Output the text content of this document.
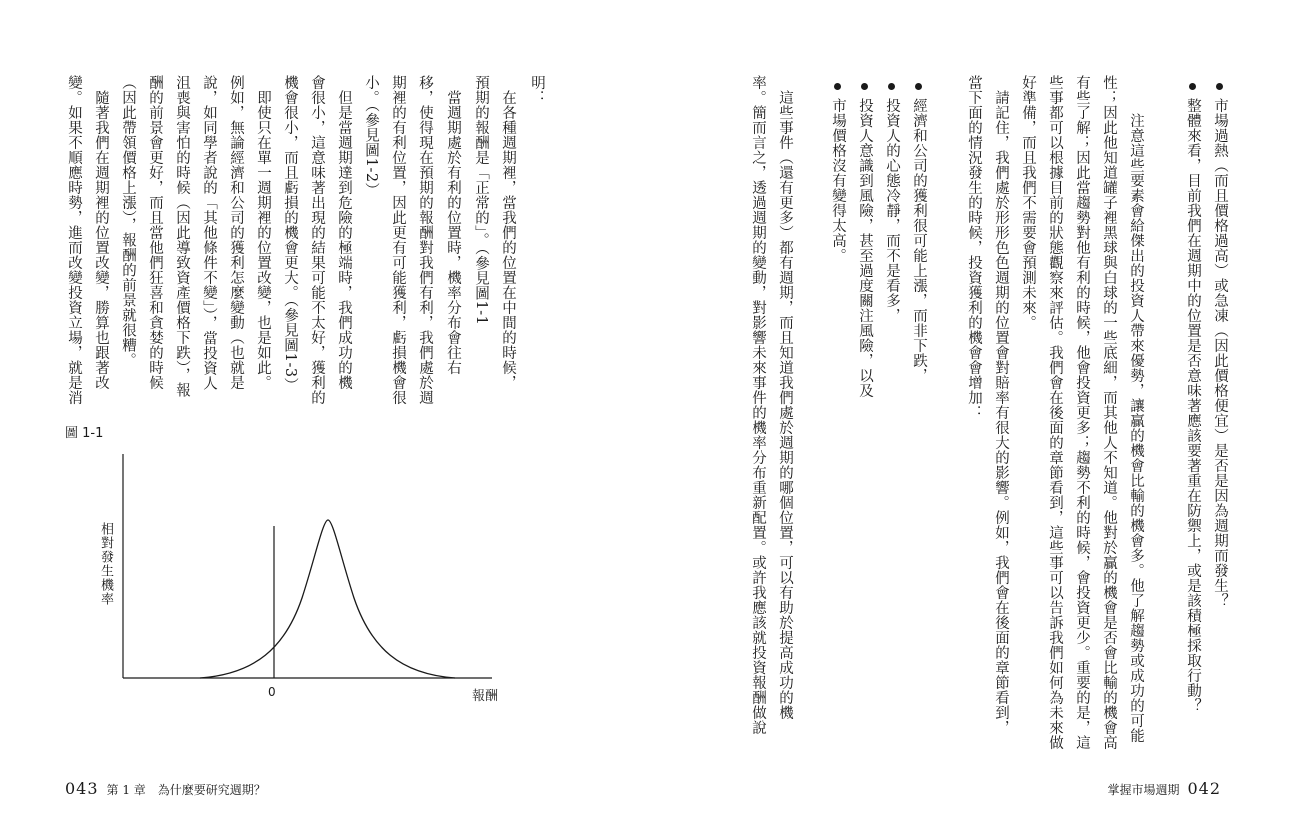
明：
　在各種週期裡，當我們的位置在中間的時候，
預期的報酬是「正常的」。（參見圖1-1
　當週期處於有利的位置時，機率分布會往右
移，使得現在預期的報酬對我們有利，我們處於週
期裡的有利位置，因此更有可能獲利，虧損機會很
小。（參見圖1-2）
　但是當週期達到危險的極端時，我們成功的機
會很小，這意味著出現的結果可能不太好，獲利的
機會很小，而且虧損的機會更大。（參見圖1-3）
　即使只在單一週期裡的位置改變，也是如此。
例如，無論經濟和公司的獲利怎麼變動（也就是
說，如同學者說的「其他條件不變」），當投資人
沮喪與害怕的時候（因此導致資產價格下跌），報
酬的前景會更好，而且當他們狂喜和貪婪的時候
（因此帶領價格上漲），報酬的前景就很糟。
　隨著我們在週期裡的位置改變，勝算也跟著改
變。如果不順應時勢，進而改變投資立場，就是消
圖 1-1
相對發生機率
0	報酬
043 第 1 章　為什麼要研究週期？
市場過熱（而且價格過高）或急凍（因此價格便宜）是否是因為週期而發生？
整體來看，目前我們在週期中的位置是否意味著應該要著重在防禦上，或是該積極採取行動？
　注意這些要素會給傑出的投資人帶來優勢，讓贏的機會比輸的機會多。他了解趨勢或成功的可能
性；因此他知道罐子裡黑球與白球的一些底細，而其他人不知道。他對於贏的機會是否會比輸的機會高
有些了解；因此當趨勢對他有利的時候，他會投資更多；趨勢不利的時候，會投資更少。重要的是，這
些事都可以根據目前的狀態觀察來評估。我們會在後面的章節看到，這些事可以告訴我們如何為未來做
好準備，而且我們不需要會預測未來。
　請記住，我們處於形形色色週期的位置會對賠率有很大的影響。例如，我們會在後面的章節看到，
當下面的情況發生的時候，投資獲利的機會會增加：
經濟和公司的獲利很可能上漲，而非下跌，
投資人的心態冷靜，而不是看多，
投資人意識到風險，甚至過度關注風險，以及
市場價格沒有變得太高。
　這些事件（還有更多）都有週期，而且知道我們處於週期的哪個位置，可以有助於提高成功的機
率。簡而言之，透過週期的變動，對影響未來事件的機率分布重新配置。或許我應該就投資報酬做說
掌握市場週期 042
